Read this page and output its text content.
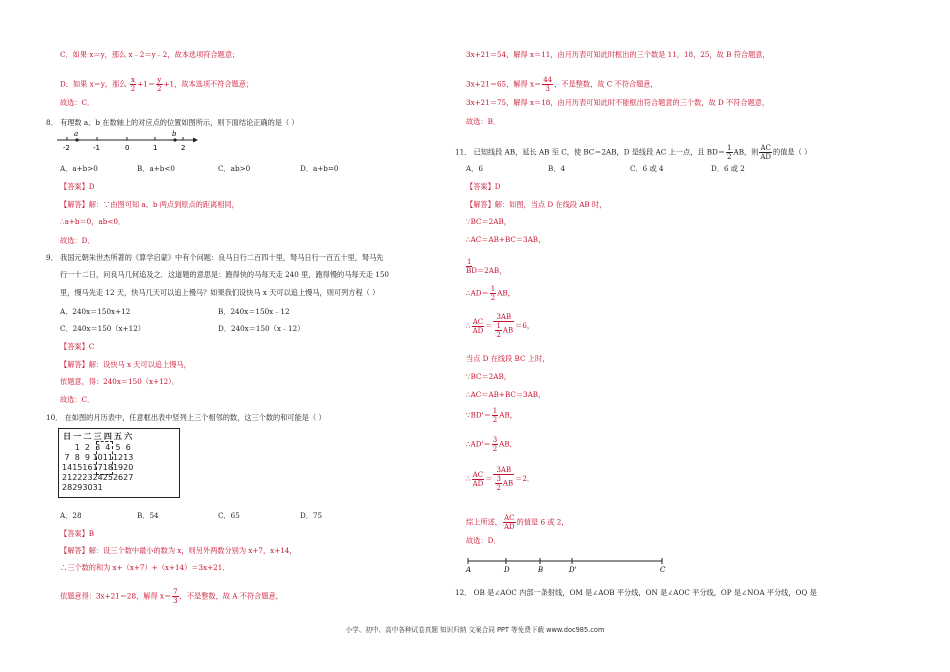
C．如果 x＝y，那么 x﹣2＝y﹣2，故本选项符合题意；
D．如果 x＝y，那么 $\frac{x}{2} +1= \frac{y}{2} +1$，故本选项不符合题意；
故选：C．
8． 有理数 a、b 在数轴上的对应点的位置如图所示，则下面结论正确的是（ ）
-2	-1	0	1	2
a	b
A．a+b>0	B．a+b<0	C．ab>0	D．a+b=0
【答案】D
【解答】解：∵由图可知 a、b 两点到原点的距离相同，
∴a+b＝0，ab<0．
故选：D．
9． 我国元朝朱世杰所著的《算学启蒙》中有个问题：良马日行二百四十里，驽马日行一百五十里，驽马先
行一十二日，问良马几何追及之．这道题的意思是：跑得快的马每天走 240 里，跑得慢的马每天走 150
里，慢马先走 12 天，快马几天可以追上慢马？如果我们设快马 x 天可以追上慢马，则可列方程（ ）
A．240x＝150x+12	B．240x＝150x﹣12
C．240x＝150（x+12）	D．240x＝150（x﹣12）
【答案】C
【解答】解：设快马 x 天可以追上慢马，
依题意，得：240x＝150（x+12）．
故选：C．
10． 在如图的月历表中，任意框出表中竖列上三个相邻的数，这三个数的和可能是（ ）
日	一	二	三	四	五	六
	1	2	3	4	5	6
7	8	9	10	11	12	13
14	15	16	17	18	19	20
21	22	23	24	25	26	27
28	29	30	31			
A．28	B．54	C．65	D．75
【答案】B
【解答】解：设三个数中最小的数为 x，则另外两数分别为 x+7，x+14，
∴三个数的和为 x+（x+7）+（x+14）＝3x+21．
依题意得：3x+21＝28，解得 $x= \frac{7}{3}$ ，不是整数，故 A 不符合题意，
3x+21＝54，解得 x＝11，由月历表可知此时框出的三个数是 11，18，25，故 B 符合题意，
3x+21＝65，解得 $x= \frac{44}{3}$ ，不是整数，故 C 不符合题意，
3x+21＝75，解得 x＝18，由月历表可知此时不能框出符合题意的三个数，故 D 不符合题意，
故选：B．
11． 已知线段 AB，延长 AB 至 C，使 BC＝2AB，D 是线段 AC 上一点，且 $BD= \frac{1}{2}$ AB，则 $\frac{AC}{AD}$ 的值是（ ）
A．6	B．4	C．6 或 4	D．6 或 2
【答案】D
【解答】解：如图，当点 D 在线段 AB 时，
∵BC＝2AB，
∴AC＝AB+BC＝3AB，
1
BD＝2AB，
∴AD＝ $\frac{1}{2}$ AB，
∴ $\frac{AC}{AD} = \frac{3AB}{\frac{1}{2} AB} =6$，
当点 D 在线段 BC 上时，
∵BC＝2AB，
∴AC＝AB+BC＝3AB，
∵BD'＝ $\frac{1}{2}$ AB，
∴AD'＝ $\frac{3}{2}$ AB，
∴ $\frac{AC}{AD} = \frac{3AB}{\frac{3}{2} AB} =2$．
综上所述， $\frac{AC}{AD}$ 的值是 6 或 2，
故选：D．
A	D	B	D'	C
12． OB 是∠AOC 内部一条射线，OM 是∠AOB 平分线，ON 是∠AOC 平分线，OP 是∠NOA 平分线，OQ 是
小学、初中、高中各种试卷真题 知识归纳 文案合同 PPT 等免费下载 www.doc985.com
